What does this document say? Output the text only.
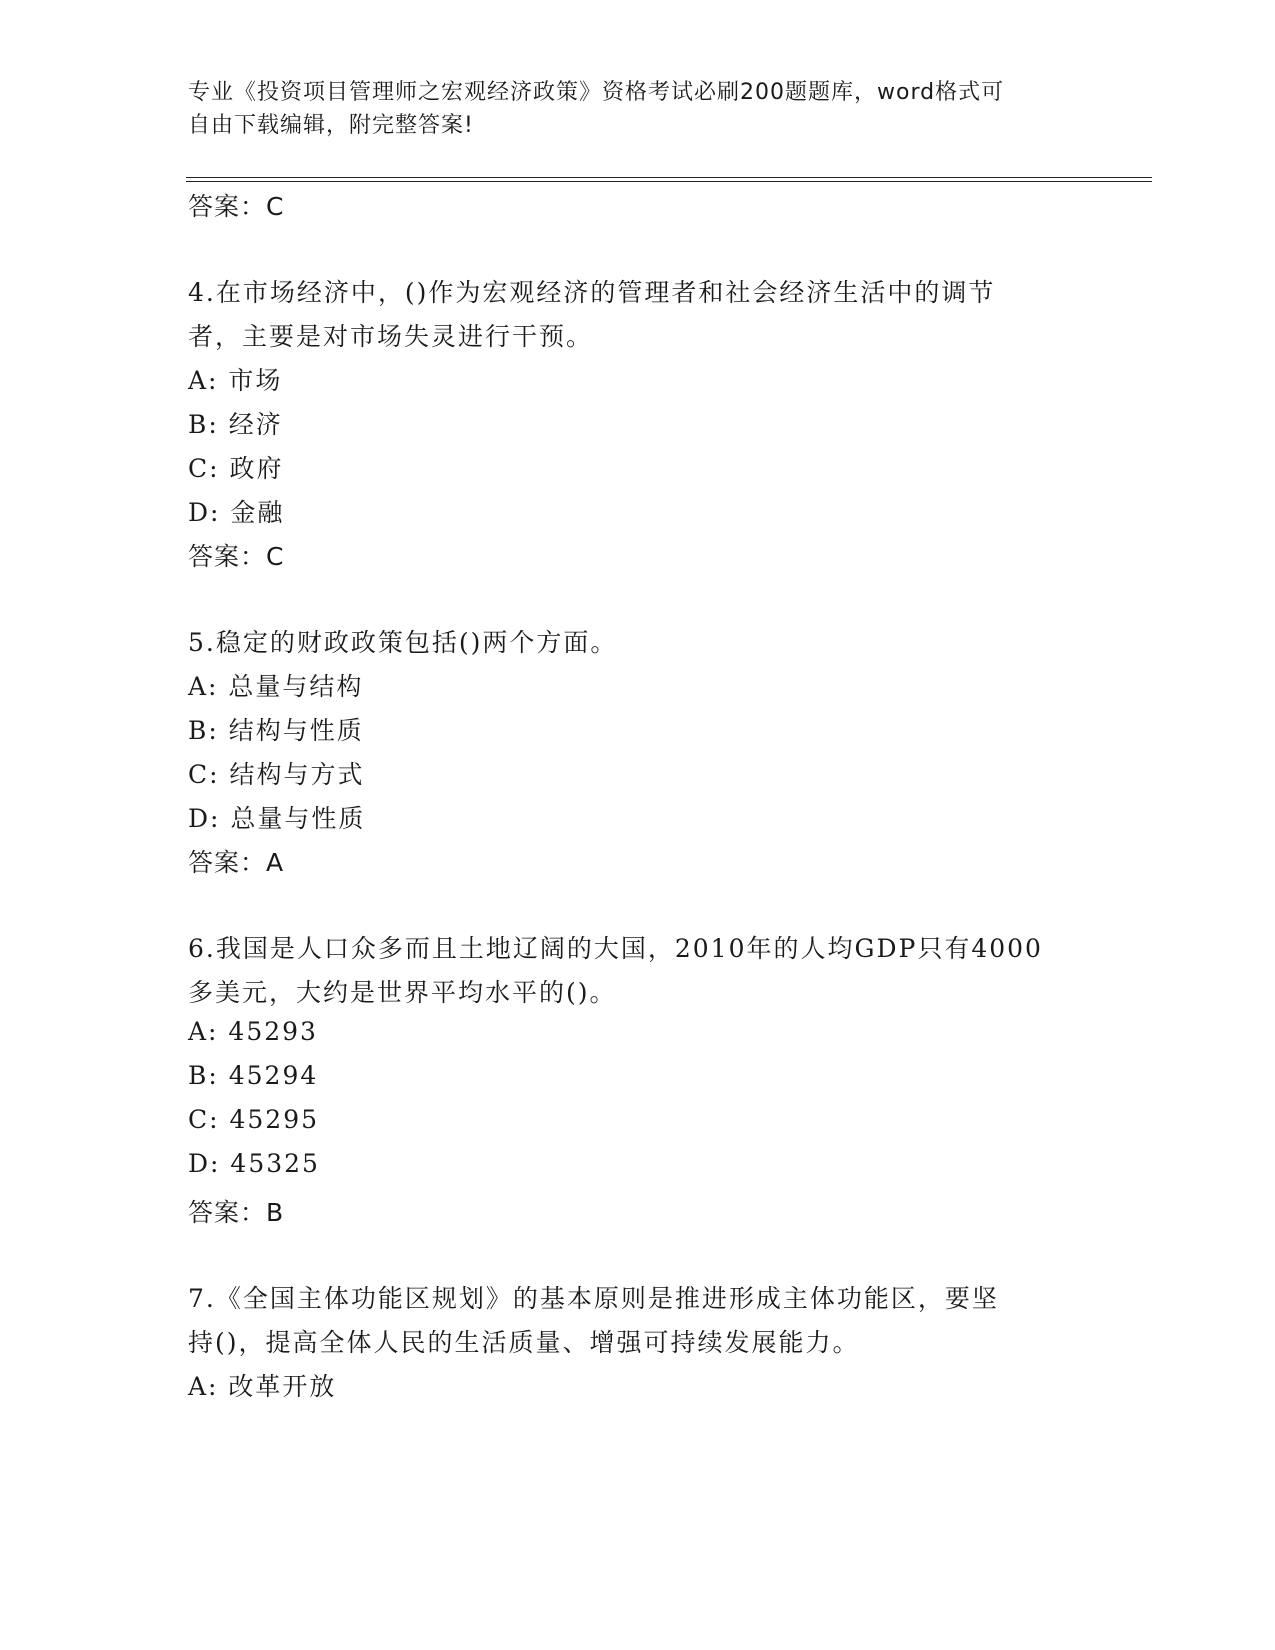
专业《投资项目管理师之宏观经济政策》资格考试必刷200题题库，word格式可
自由下载编辑，附完整答案!
答案：C
4.在市场经济中，()作为宏观经济的管理者和社会经济生活中的调节
者，主要是对市场失灵进行干预。
A: 市场
B: 经济
C: 政府
D: 金融
答案：C
5.稳定的财政政策包括()两个方面。
A: 总量与结构
B: 结构与性质
C: 结构与方式
D: 总量与性质
答案：A
6.我国是人口众多而且土地辽阔的大国，2010年的人均GDP只有4000
多美元，大约是世界平均水平的()。
A: 45293
B: 45294
C: 45295
D: 45325
答案：B
7.《全国主体功能区规划》的基本原则是推进形成主体功能区，要坚
持()，提高全体人民的生活质量、增强可持续发展能力。
A: 改革开放
